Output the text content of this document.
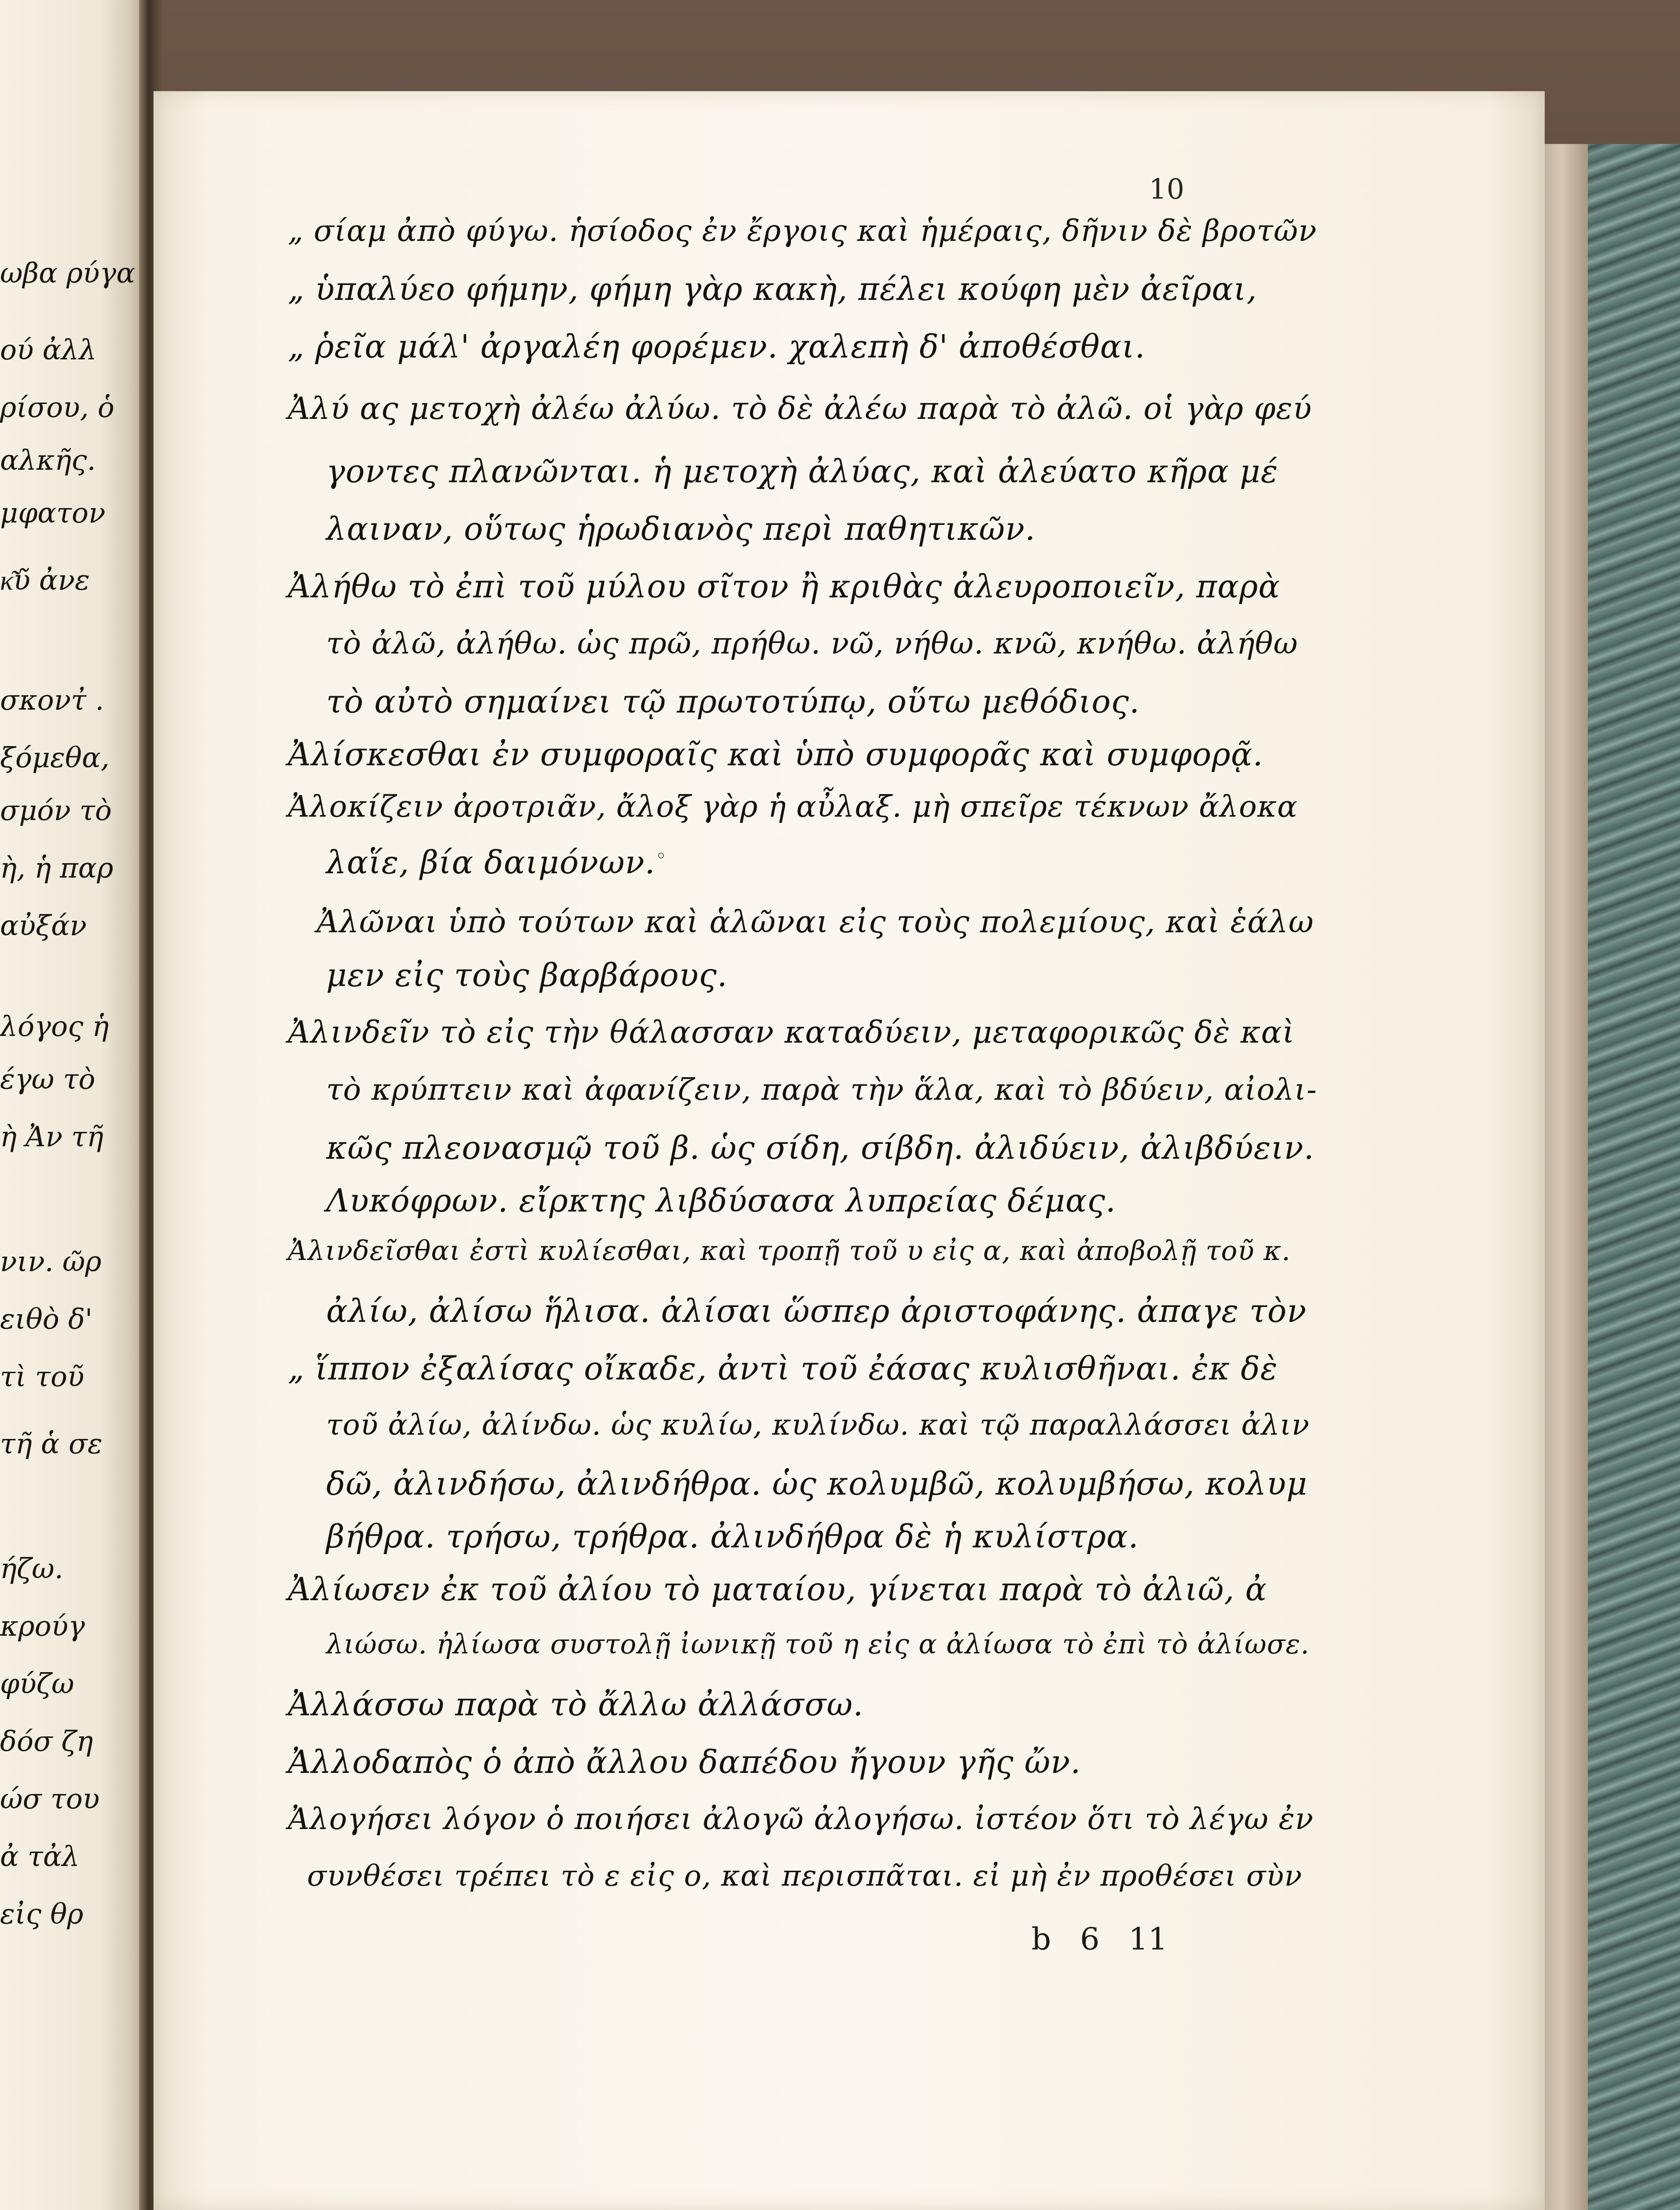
ωβα ρύγα
ού ἀλλ
ρίσου, ὁ
αλκῆς.
μφατον
κ͂ῦ ἀνε
σκοντ̓ .
ξόμεθα,
σμόν τὸ
ὴ, ἡ παρ
αὐξάν
λόγος ἡ
έγω τὸ
ὴ Ἀν τῆ
νιν. ῶρ
ειθὸ δ'
τὶ τοῦ
τῆ ἁ σε
ήζω.
κρούγ
φύζω
δόσ ζη
ώσ του
ἀ τἀλ
εἰς θρ
10
„ σίαμ ἀπὸ φύγω. ἡσίοδος ἐν ἔργοις καὶ ἡμέραις, δῆνιν δὲ βροτῶν
„ ὑπαλύεο φήμην, φήμη γὰρ κακὴ, πέλει κούφη μὲν ἀεῖραι,
„ ῥεῖα μάλ' ἀργαλέη φορέμεν. χαλεπὴ δ' ἀποθέσθαι.
Ἀλύ ας μετοχὴ ἀλέω ἀλύω. τὸ δὲ ἀλέω παρὰ τὸ ἀλῶ. οἱ γὰρ φεύ
γοντες πλανῶνται. ἡ μετοχὴ ἀλύας, καὶ ἀλεύατο κῆρα μέ
λαιναν, οὕτως ἡρωδιανὸς περὶ παθητικῶν.
Ἀλήθω τὸ ἐπὶ τοῦ μύλου σῖτον ἢ κριθὰς ἀλευροποιεῖν, παρὰ
τὸ ἀλῶ, ἀλήθω. ὡς πρῶ, πρήθω. νῶ, νήθω. κνῶ, κνήθω. ἀλήθω
τὸ αὐτὸ σημαίνει τῷ πρωτοτύπῳ, οὕτω μεθόδιος.
Ἀλίσκεσθαι ἐν συμφοραῖς καὶ ὑπὸ συμφορᾶς καὶ συμφορᾷ.
Ἀλοκίζειν ἀροτριᾶν, ἄλοξ γὰρ ἡ αὖλαξ. μὴ σπεῖρε τέκνων ἄλοκα
λαἵε, βία δαιμόνων. ◦
Ἀλῶναι ὑπὸ τούτων καὶ ἁλῶναι εἰς τοὺς πολεμίους, καὶ ἑάλω
μεν εἰς τοὺς βαρβάρους.
Ἀλινδεῖν τὸ εἰς τὴν θάλασσαν καταδύειν, μεταφορικῶς δὲ καὶ
τὸ κρύπτειν καὶ ἀφανίζειν, παρὰ τὴν ἅλα, καὶ τὸ βδύειν, αἰολι-
κῶς πλεονασμῷ τοῦ β. ὡς σίδη, σίβδη. ἀλιδύειν, ἀλιβδύειν.
Λυκόφρων. εἴρκτης λιβδύσασα λυπρείας δέμας.
Ἀλινδεῖσθαι ἐστὶ κυλίεσθαι, καὶ τροπῇ τοῦ υ εἰς α, καὶ ἀποβολῇ τοῦ κ.
ἀλίω, ἀλίσω ἥλισα. ἀλίσαι ὥσπερ ἀριστοφάνης. ἀπαγε τὸν
„ ἵππον ἐξαλίσας οἴκαδε, ἀντὶ τοῦ ἐάσας κυλισθῆναι. ἐκ δὲ
τοῦ ἀλίω, ἀλίνδω. ὡς κυλίω, κυλίνδω. καὶ τῷ παραλλάσσει ἀλιν
δῶ, ἀλινδήσω, ἀλινδήθρα. ὡς κολυμβῶ, κολυμβήσω, κολυμ
βήθρα. τρήσω, τρήθρα. ἀλινδήθρα δὲ ἡ κυλίστρα.
Ἀλίωσεν ἐκ τοῦ ἀλίου τὸ ματαίου, γίνεται παρὰ τὸ ἀλιῶ, ἀ
λιώσω. ἠλίωσα συστολῇ ἰωνικῇ τοῦ η εἰς α ἀλίωσα τὸ ἐπὶ τὸ ἀλίωσε.
Ἀλλάσσω παρὰ τὸ ἄλλω ἀλλάσσω.
Ἀλλοδαπὸς ὁ ἀπὸ ἄλλου δαπέδου ἤγουν γῆς ὤν.
Ἀλογήσει λόγον ὁ ποιήσει ἀλογῶ ἀλογήσω. ἰστέον ὅτι τὸ λέγω ἐν
συνθέσει τρέπει τὸ ε εἰς ο, καὶ περισπᾶται. εἰ μὴ ἐν προθέσει σὺν
b 6 11
